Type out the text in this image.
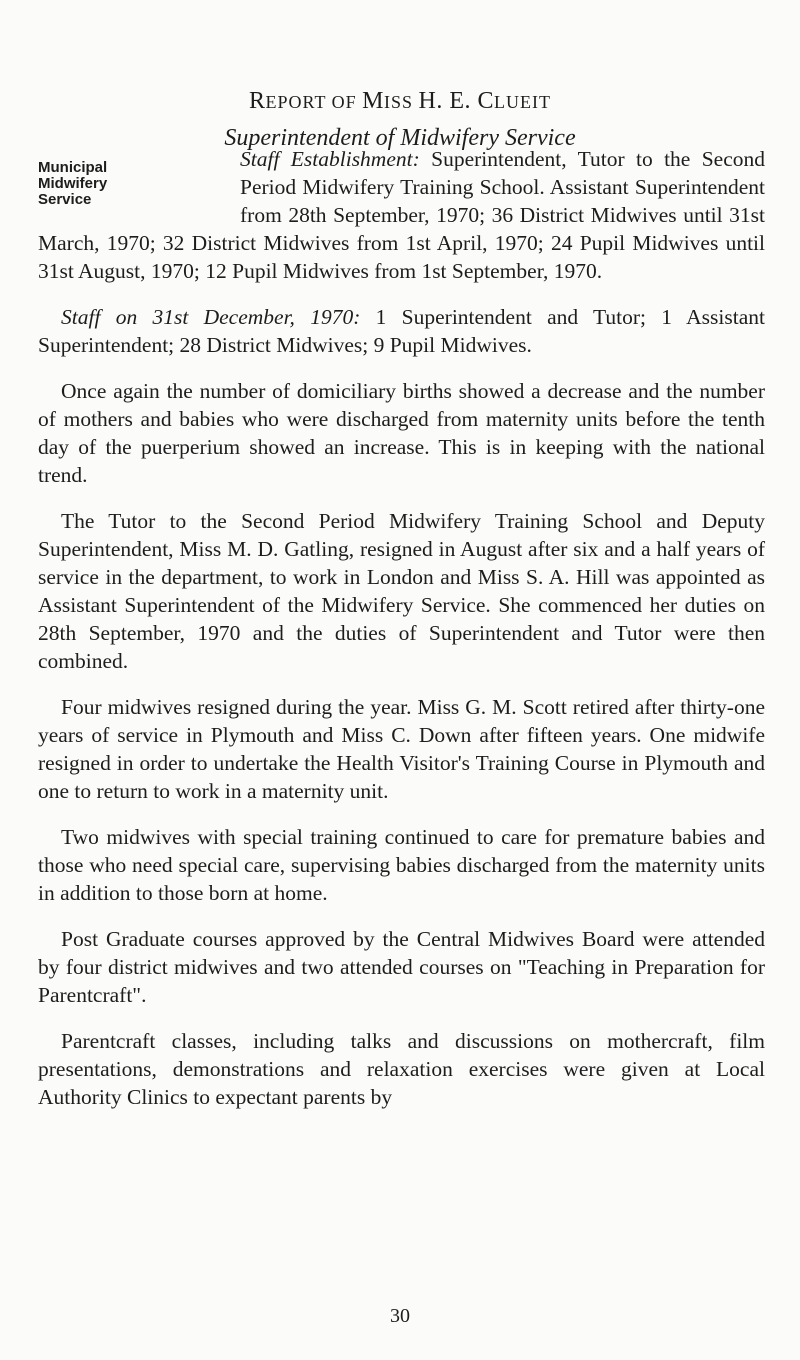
REPORT OF MISS H. E. CLUEIT
Superintendent of Midwifery Service
Municipal
Midwifery
Service

Staff Establishment: Superintendent, Tutor to the Second Period Midwifery Training School. Assistant Superintendent from 28th September, 1970; 36 District Midwives until 31st March, 1970; 32 District Midwives from 1st April, 1970; 24 Pupil Midwives until 31st August, 1970; 12 Pupil Midwives from 1st September, 1970.

Staff on 31st December, 1970: 1 Superintendent and Tutor; 1 Assistant Superintendent; 28 District Midwives; 9 Pupil Midwives.

Once again the number of domiciliary births showed a decrease and the number of mothers and babies who were discharged from maternity units before the tenth day of the puerperium showed an increase. This is in keeping with the national trend.

The Tutor to the Second Period Midwifery Training School and Deputy Superintendent, Miss M. D. Gatling, resigned in August after six and a half years of service in the department, to work in London and Miss S. A. Hill was appointed as Assistant Superintendent of the Midwifery Service. She commenced her duties on 28th September, 1970 and the duties of Superintendent and Tutor were then combined.

Four midwives resigned during the year. Miss G. M. Scott retired after thirty-one years of service in Plymouth and Miss C. Down after fifteen years. One midwife resigned in order to undertake the Health Visitor's Training Course in Plymouth and one to return to work in a maternity unit.

Two midwives with special training continued to care for premature babies and those who need special care, supervising babies discharged from the maternity units in addition to those born at home.

Post Graduate courses approved by the Central Midwives Board were attended by four district midwives and two attended courses on "Teaching in Preparation for Parentcraft".

Parentcraft classes, including talks and discussions on mothercraft, film presentations, demonstrations and relaxation exercises were given at Local Authority Clinics to expectant parents by

30
